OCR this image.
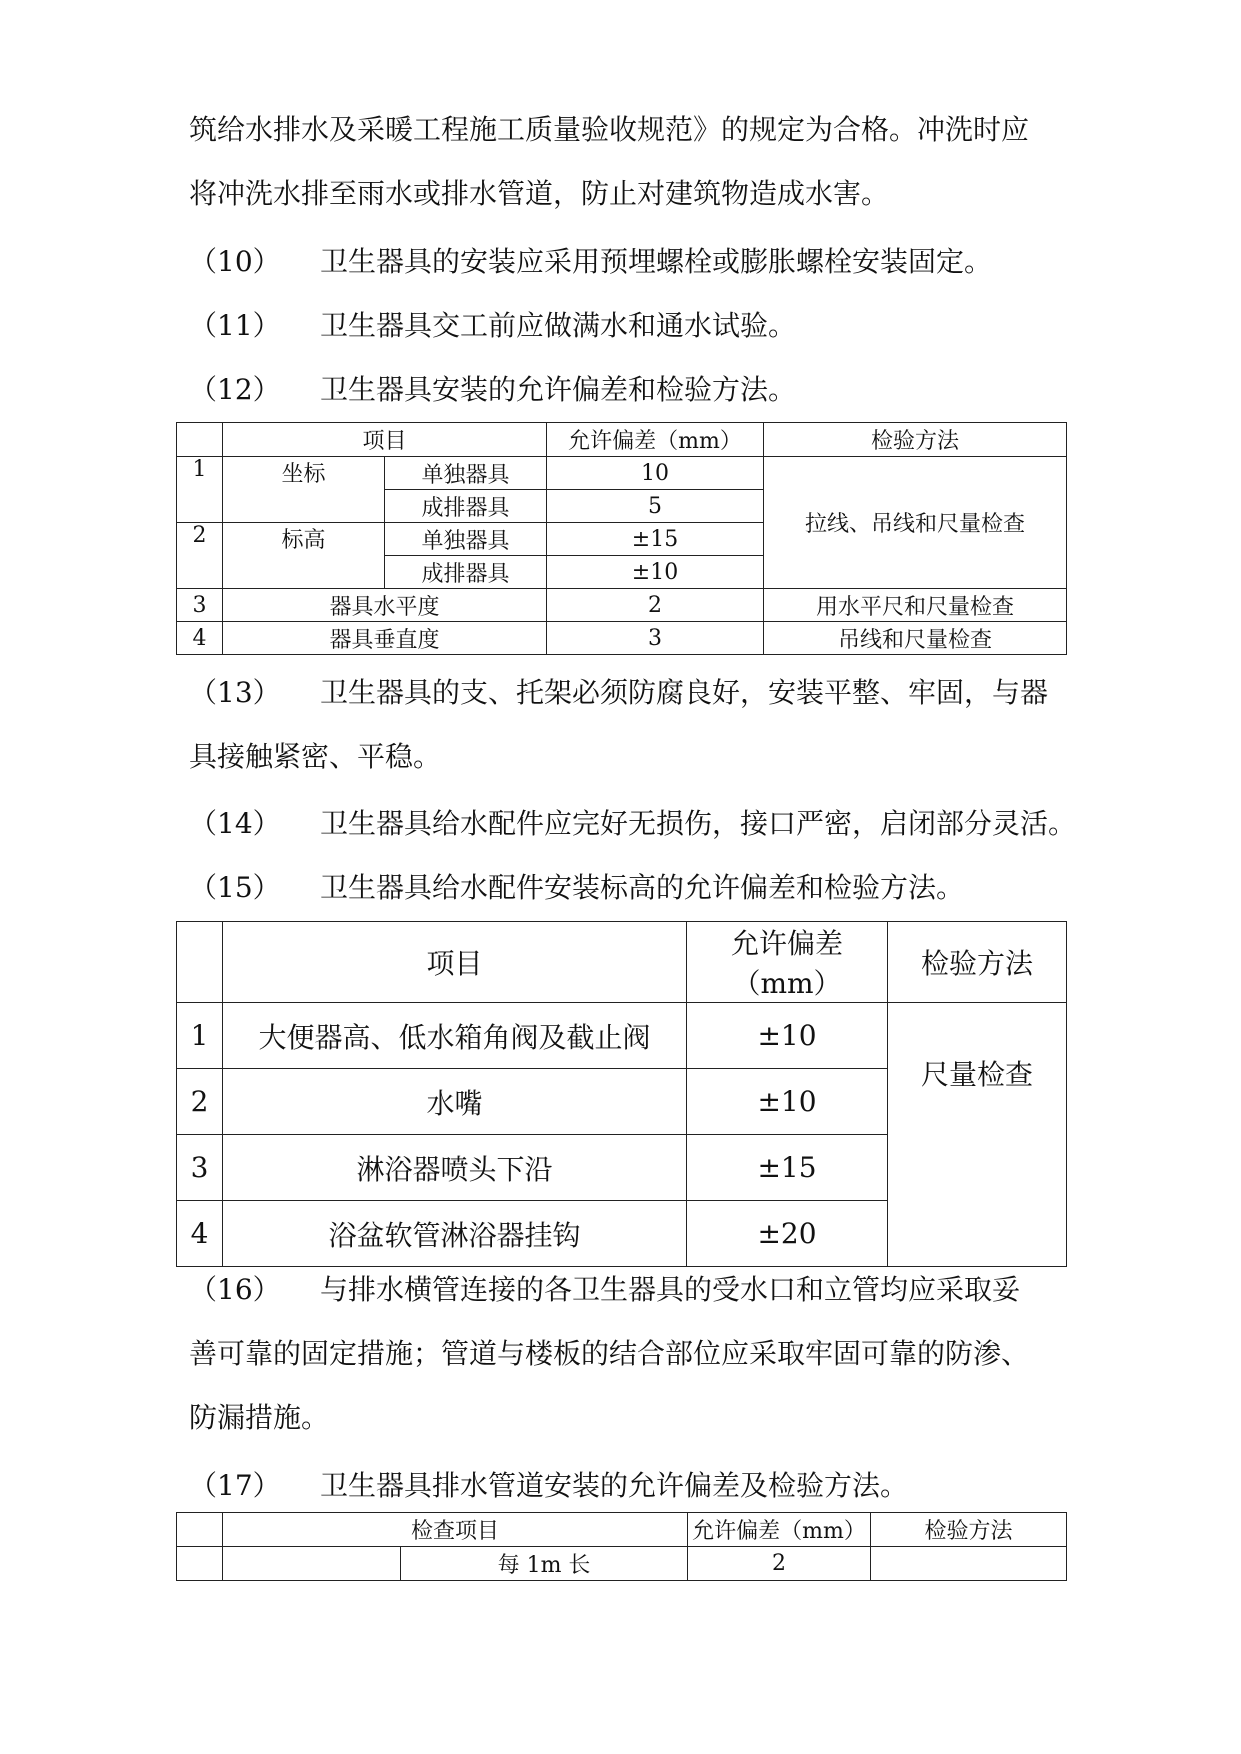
筑给水排水及采暖工程施工质量验收规范》的规定为合格。冲洗时应
将冲洗水排至雨水或排水管道，防止对建筑物造成水害。
（10） 卫生器具的安装应采用预埋螺栓或膨胀螺栓安装固定。
（11） 卫生器具交工前应做满水和通水试验。
（12） 卫生器具安装的允许偏差和检验方法。
	项目		允许偏差（mm）	检验方法
1	坐标	单独器具	10	拉线、吊线和尺量检查
		成排器具	5	
2	标高	单独器具	±15	
		成排器具	±10	
3	器具水平度		2	用水平尺和尺量检查
4	器具垂直度		3	吊线和尺量检查
（13） 卫生器具的支、托架必须防腐良好，安装平整、牢固，与器
具接触紧密、平稳。
（14） 卫生器具给水配件应完好无损伤，接口严密，启闭部分灵活。
（15） 卫生器具给水配件安装标高的允许偏差和检验方法。
	项目	允许偏差（mm）	检验方法
1	大便器高、低水箱角阀及截止阀	±10	尺量检查
2	水嘴	±10	
3	淋浴器喷头下沿	±15	
4	浴盆软管淋浴器挂钩	±20	
（16） 与排水横管连接的各卫生器具的受水口和立管均应采取妥
善可靠的固定措施；管道与楼板的结合部位应采取牢固可靠的防渗、
防漏措施。
（17） 卫生器具排水管道安装的允许偏差及检验方法。
	检查项目		允许偏差（mm）	检验方法
		每 1m 长	2	
